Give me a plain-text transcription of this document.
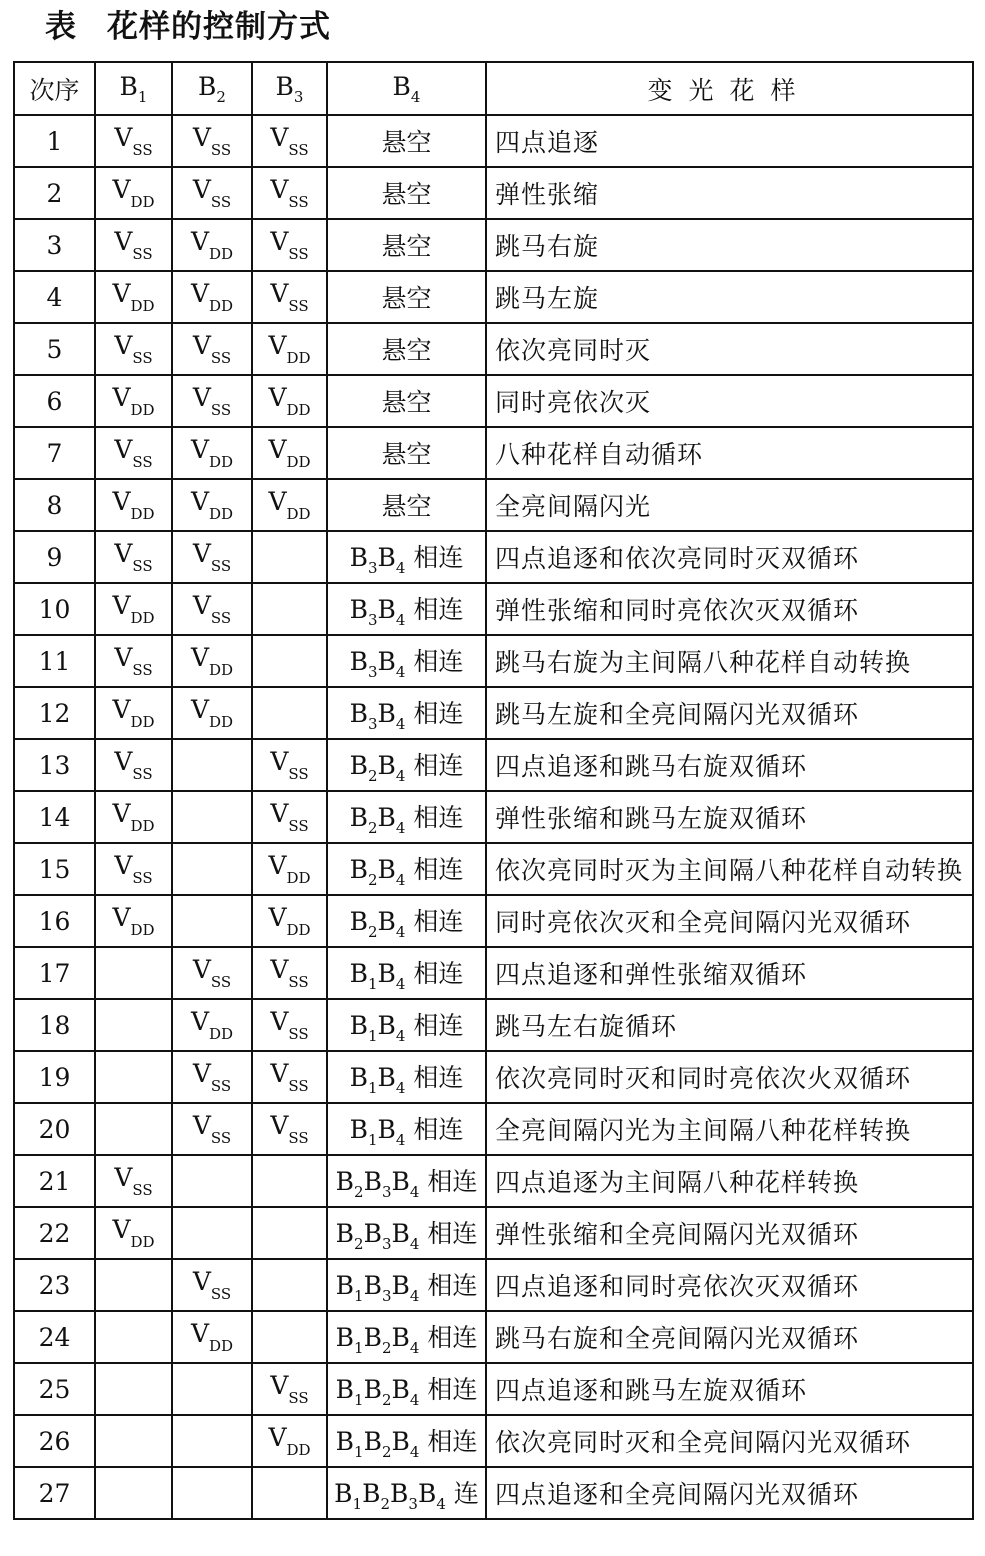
表 花样的控制方式
次序	$B_1$	$B_2$	$B_3$	$B_4$	变光花样
1	$V_{SS}$	$V_{SS}$	$V_{SS}$	悬空	四点追逐
2	$V_{DD}$	$V_{SS}$	$V_{SS}$	悬空	弹性张缩
3	$V_{SS}$	$V_{DD}$	$V_{SS}$	悬空	跳马右旋
4	$V_{DD}$	$V_{DD}$	$V_{SS}$	悬空	跳马左旋
5	$V_{SS}$	$V_{SS}$	$V_{DD}$	悬空	依次亮同时灭
6	$V_{DD}$	$V_{SS}$	$V_{DD}$	悬空	同时亮依次灭
7	$V_{SS}$	$V_{DD}$	$V_{DD}$	悬空	八种花样自动循环
8	$V_{DD}$	$V_{DD}$	$V_{DD}$	悬空	全亮间隔闪光
9	$V_{SS}$	$V_{SS}$		$B_3B_4$ 相连	四点追逐和依次亮同时灭双循环
10	$V_{DD}$	$V_{SS}$		$B_3B_4$ 相连	弹性张缩和同时亮依次灭双循环
11	$V_{SS}$	$V_{DD}$		$B_3B_4$ 相连	跳马右旋为主间隔八种花样自动转换
12	$V_{DD}$	$V_{DD}$		$B_3B_4$ 相连	跳马左旋和全亮间隔闪光双循环
13	$V_{SS}$		$V_{SS}$	$B_2B_4$ 相连	四点追逐和跳马右旋双循环
14	$V_{DD}$		$V_{SS}$	$B_2B_4$ 相连	弹性张缩和跳马左旋双循环
15	$V_{SS}$		$V_{DD}$	$B_2B_4$ 相连	依次亮同时灭为主间隔八种花样自动转换
16	$V_{DD}$		$V_{DD}$	$B_2B_4$ 相连	同时亮依次灭和全亮间隔闪光双循环
17		$V_{SS}$	$V_{SS}$	$B_1B_4$ 相连	四点追逐和弹性张缩双循环
18		$V_{DD}$	$V_{SS}$	$B_1B_4$ 相连	跳马左右旋循环
19		$V_{SS}$	$V_{SS}$	$B_1B_4$ 相连	依次亮同时灭和同时亮依次火双循环
20		$V_{SS}$	$V_{SS}$	$B_1B_4$ 相连	全亮间隔闪光为主间隔八种花样转换
21	$V_{SS}$			$B_2B_3B_4$ 相连	四点追逐为主间隔八种花样转换
22	$V_{DD}$			$B_2B_3B_4$ 相连	弹性张缩和全亮间隔闪光双循环
23		$V_{SS}$		$B_1B_3B_4$ 相连	四点追逐和同时亮依次灭双循环
24		$V_{DD}$		$B_1B_2B_4$ 相连	跳马右旋和全亮间隔闪光双循环
25			$V_{SS}$	$B_1B_2B_4$ 相连	四点追逐和跳马左旋双循环
26			$V_{DD}$	$B_1B_2B_4$ 相连	依次亮同时灭和全亮间隔闪光双循环
27				$B_1B_2B_3B_4$ 连	四点追逐和全亮间隔闪光双循环
